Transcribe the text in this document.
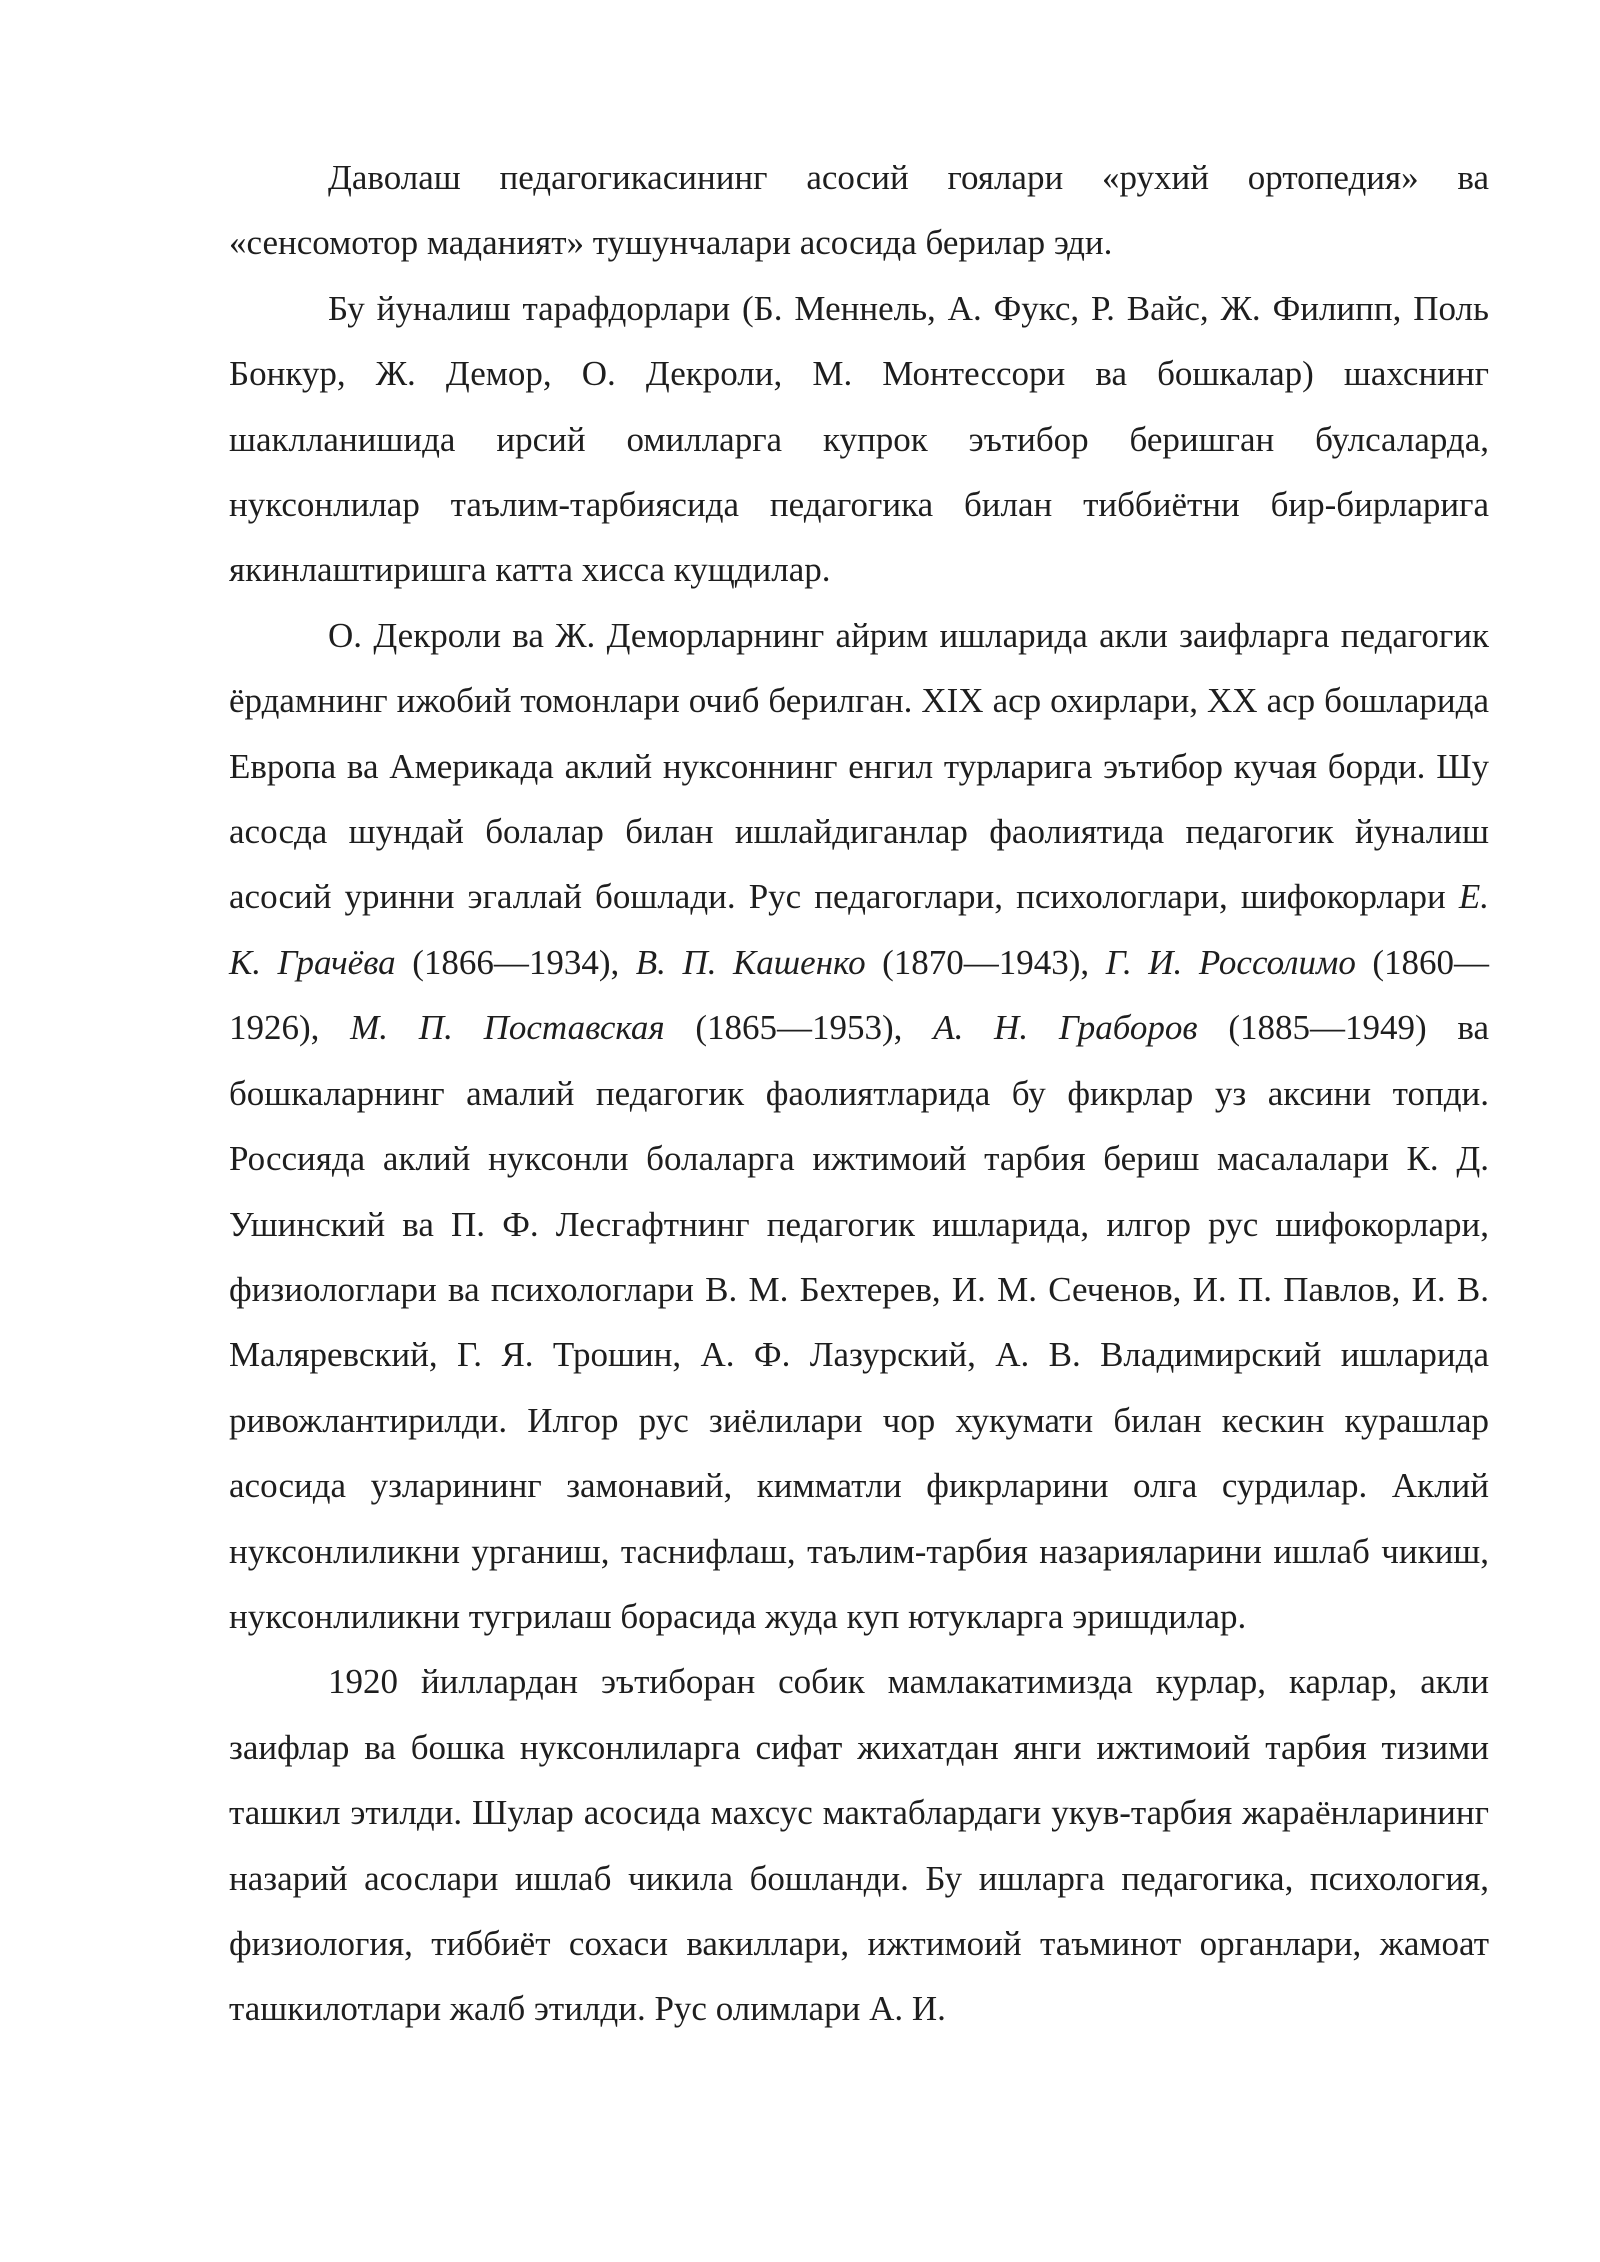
Даволаш педагогикасининг асосий гоялари «рухий ортопедия» ва «сенсомотор маданият» тушунчалари асосида берилар эди.

Бу йуналиш тарафдорлари (Б. Меннель, А. Фукс, Р. Вайс, Ж. Филипп, Поль Бонкур, Ж. Демор, О. Декроли, М. Монтессори ва бошкалар) шахснинг шаклланишида ирсий омилларга купрок эътибор беришган булсаларда, нуксонлилар таълим-тарбиясида педагогика билан тиббиётни бир-бирларига якинлаштиришга катта хисса кущдилар.

О. Декроли ва Ж. Деморларнинг айрим ишларида акли заифларга педагогик ёрдамнинг ижобий томонлари очиб берилган. XIX аср охирлари, XX аср бошларида Европа ва Америкада аклий нуксоннинг енгил турларига эътибор кучая борди. Шу асосда шундай болалар билан ишлайдиганлар фаолиятида педагогик йуналиш асосий уринни эгаллай бошлади. Рус педагоглари, психологлари, шифокорлари Е. К. Грачёва (1866—1934), В. П. Кашенко (1870—1943), Г. И. Россолимо (1860—1926), М. П. Поставская (1865—1953), А. Н. Граборов (1885—1949) ва бошкаларнинг амалий педагогик фаолиятларида бу фикрлар уз аксини топди. Россияда аклий нуксонли болаларга ижтимоий тарбия бериш масалалари К. Д. Ушинский ва П. Ф. Лесгафтнинг педагогик ишларида, илгор рус шифокорлари, физиологлари ва психологлари В. М. Бехтерев, И. М. Сеченов, И. П. Павлов, И. В. Маляревский, Г. Я. Трошин, А. Ф. Лазурский, А. В. Владимирский ишларида ривожлантирилди. Илгор рус зиёлилари чор хукумати билан кескин курашлар асосида узларининг замонавий, кимматли фикрларини олга сурдилар. Аклий нуксонлиликни урганиш, таснифлаш, таълим-тарбия назарияларини ишлаб чикиш, нуксонлиликни тугрилаш борасида жуда куп ютукларга эришдилар.

1920 йиллардан эътиборан собик мамлакатимизда курлар, карлар, акли заифлар ва бошка нуксонлиларга сифат жихатдан янги ижтимоий тарбия тизими ташкил этилди. Шулар асосида махсус мактаблардаги укув-тарбия жараёнларининг назарий асослари ишлаб чикила бошланди. Бу ишларга педагогика, психология, физиология, тиббиёт сохаси вакиллари, ижтимоий таъминот органлари, жамоат ташкилотлари жалб этилди. Рус олимлари А. И.
